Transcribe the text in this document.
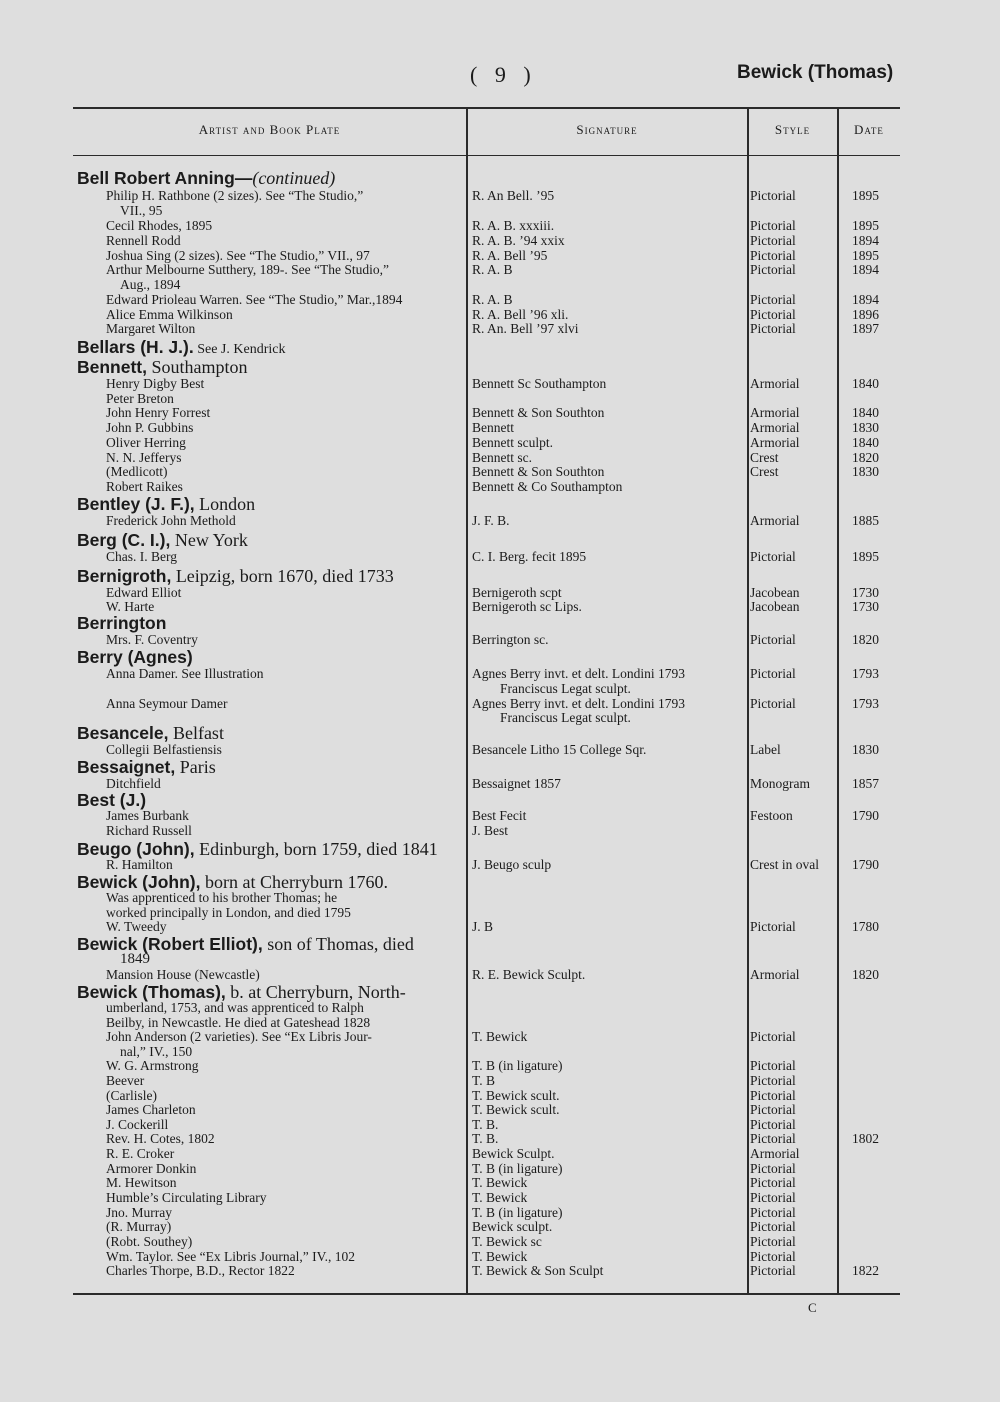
( 9 )	Bewick (Thomas)
Artist and Book Plate	Signature	Style	Date
Bell Robert Anning—(continued)
Philip H. Rathbone (2 sizes). See “The Studio,”	R. An Bell. ’95	Pictorial	1895
VII., 95
Cecil Rhodes, 1895	R. A. B. xxxiii.	Pictorial	1895
Rennell Rodd	R. A. B. ’94 xxix	Pictorial	1894
Joshua Sing (2 sizes). See “The Studio,” VII., 97	R. A. Bell ’95	Pictorial	1895
Arthur Melbourne Sutthery, 189-. See “The Studio,”	R. A. B	Pictorial	1894
Aug., 1894
Edward Prioleau Warren. See “The Studio,” Mar.,1894	R. A. B	Pictorial	1894
Alice Emma Wilkinson	R. A. Bell ’96 xli.	Pictorial	1896
Margaret Wilton	R. An. Bell ’97 xlvi	Pictorial	1897
Bellars (H. J.). See J. Kendrick
Bennett, Southampton
Henry Digby Best	Bennett Sc Southampton	Armorial	1840
Peter Breton
John Henry Forrest	Bennett & Son Southton	Armorial	1840
John P. Gubbins	Bennett	Armorial	1830
Oliver Herring	Bennett sculpt.	Armorial	1840
N. N. Jefferys	Bennett sc.	Crest	1820
(Medlicott)	Bennett & Son Southton	Crest	1830
Robert Raikes	Bennett & Co Southampton
Bentley (J. F.), London
Frederick John Methold	J. F. B.	Armorial	1885
Berg (C. I.), New York
Chas. I. Berg	C. I. Berg. fecit 1895	Pictorial	1895
Bernigroth, Leipzig, born 1670, died 1733
Edward Elliot	Bernigeroth scpt	Jacobean	1730
W. Harte	Bernigeroth sc Lips.	Jacobean	1730
Berrington
Mrs. F. Coventry	Berrington sc.	Pictorial	1820
Berry (Agnes)
Anna Damer. See Illustration	Agnes Berry invt. et delt. Londini 1793	Pictorial	1793
Franciscus Legat sculpt.
Anna Seymour Damer	Agnes Berry invt. et delt. Londini 1793	Pictorial	1793
Franciscus Legat sculpt.
Besancele, Belfast
Collegii Belfastiensis	Besancele Litho 15 College Sqr.	Label	1830
Bessaignet, Paris
Ditchfield	Bessaignet 1857	Monogram	1857
Best (J.)
James Burbank	Best Fecit	Festoon	1790
Richard Russell	J. Best
Beugo (John), Edinburgh, born 1759, died 1841
R. Hamilton	J. Beugo sculp	Crest in oval 1790
Bewick (John), born at Cherryburn 1760.
Was apprenticed to his brother Thomas; he
worked principally in London, and died 1795
W. Tweedy	J. B	Pictorial	1780
Bewick (Robert Elliot), son of Thomas, died
1849
Mansion House (Newcastle)	R. E. Bewick Sculpt.	Armorial	1820
Bewick (Thomas), b. at Cherryburn, North-
umberland, 1753, and was apprenticed to Ralph
Beilby, in Newcastle. He died at Gateshead 1828
John Anderson (2 varieties). See “Ex Libris Jour-	T. Bewick	Pictorial
nal,” IV., 150
W. G. Armstrong	T. B (in ligature)	Pictorial
Beever	T. B	Pictorial
(Carlisle)	T. Bewick scult.	Pictorial
James Charleton	T. Bewick scult.	Pictorial
J. Cockerill	T. B.	Pictorial
Rev. H. Cotes, 1802	T. B.	Pictorial	1802
R. E. Croker	Bewick Sculpt.	Armorial
Armorer Donkin	T. B (in ligature)	Pictorial
M. Hewitson	T. Bewick	Pictorial
Humble’s Circulating Library	T. Bewick	Pictorial
Jno. Murray	T. B (in ligature)	Pictorial
(R. Murray)	Bewick sculpt.	Pictorial
(Robt. Southey)	T. Bewick sc	Pictorial
Wm. Taylor. See “Ex Libris Journal,” IV., 102	T. Bewick	Pictorial
Charles Thorpe, B.D., Rector 1822	T. Bewick & Son Sculpt	Pictorial	1822
C
